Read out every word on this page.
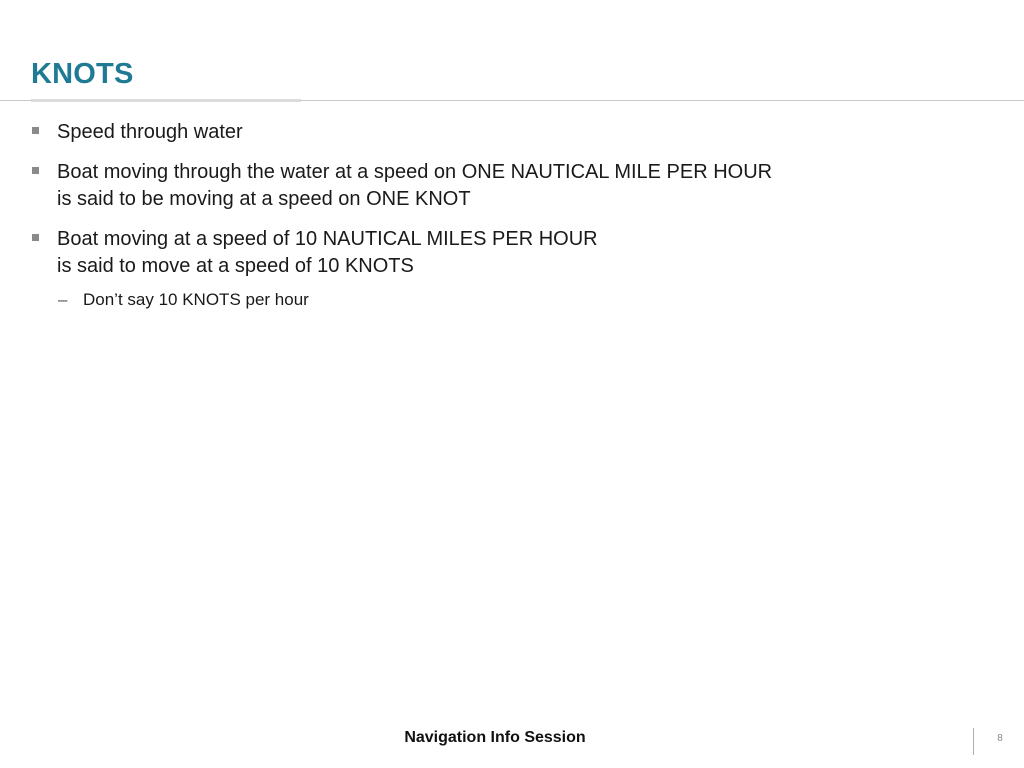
KNOTS
Speed through water
Boat moving through the water at a speed on ONE NAUTICAL MILE PER HOUR
is said to be moving at a speed on ONE KNOT
Boat moving at a speed of 10 NAUTICAL MILES PER HOUR
is said to move at a speed of 10 KNOTS
– Don’t say 10 KNOTS per hour
Navigation Info Session	8
